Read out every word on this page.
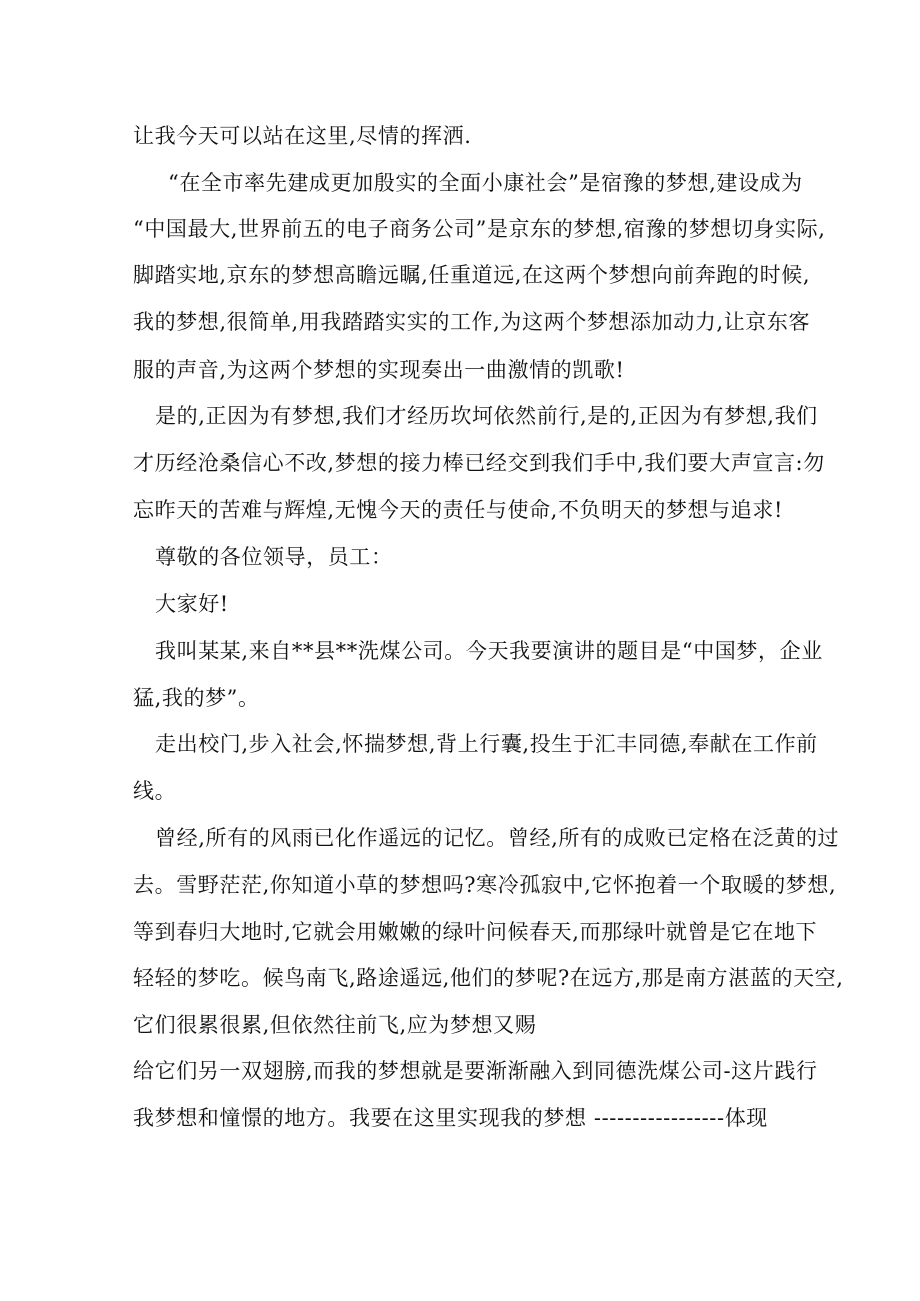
让我今天可以站在这里,尽情的挥洒.
“在全市率先建成更加殷实的全面小康社会”是宿豫的梦想,建设成为
“中国最大,世界前五的电子商务公司”是京东的梦想,宿豫的梦想切身实际,
脚踏实地,京东的梦想高瞻远瞩,任重道远,在这两个梦想向前奔跑的时候,
我的梦想,很简单,用我踏踏实实的工作,为这两个梦想添加动力,让京东客
服的声音,为这两个梦想的实现奏出一曲激情的凯歌!
是的,正因为有梦想,我们才经历坎坷依然前行,是的,正因为有梦想,我们
才历经沧桑信心不改,梦想的接力棒已经交到我们手中,我们要大声宣言:勿
忘昨天的苦难与辉煌,无愧今天的责任与使命,不负明天的梦想与追求!
尊敬的各位领导，员工：
大家好!
我叫某某,来自**县**洗煤公司。今天我要演讲的题目是“中国梦，企业
猛,我的梦”。
走出校门,步入社会,怀揣梦想,背上行囊,投生于汇丰同德,奉献在工作前
线。
曾经,所有的风雨已化作遥远的记忆。曾经,所有的成败已定格在泛黄的过
去。雪野茫茫,你知道小草的梦想吗?寒冷孤寂中,它怀抱着一个取暖的梦想,
等到春归大地时,它就会用嫩嫩的绿叶问候春天,而那绿叶就曾是它在地下
轻轻的梦吃。候鸟南飞,路途遥远,他们的梦呢?在远方,那是南方湛蓝的天空,
它们很累很累,但依然往前飞,应为梦想又赐
给它们另一双翅膀,而我的梦想就是要渐渐融入到同德洗煤公司-这片践行
我梦想和憧憬的地方。我要在这里实现我的梦想 -----------------体现
